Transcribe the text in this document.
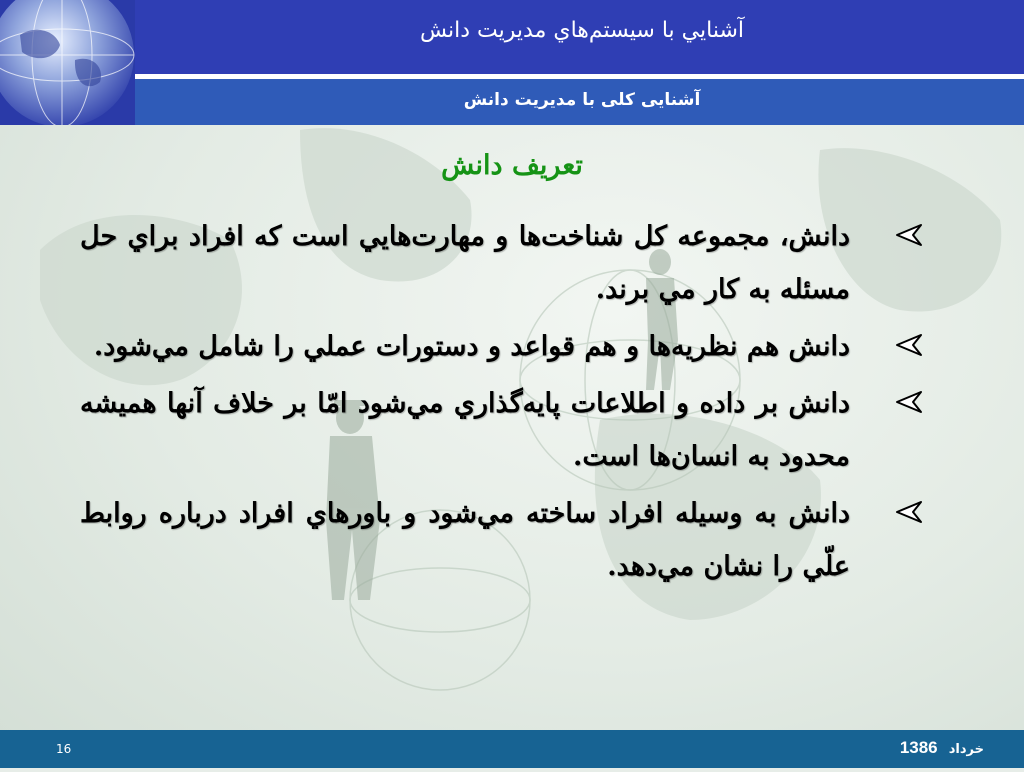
آشنايي با سيستم‌هاي مديريت دانش
آشنایی کلی با مدیریت دانش
تعریف دانش
دانش، مجموعه كل شناخت‌ها و مهارت‌هايي است كه افراد براي حل مسئله به كار مي برند.
دانش هم نظريه‌ها و هم قواعد و دستورات عملي را شامل مي‌شود.
دانش بر داده و اطلاعات پايه‌گذاري مي‌شود امّا بر خلاف آنها هميشه محدود به انسان‌ها است.
دانش به وسيله افراد ساخته مي‌شود و باورهاي افراد درباره روابط علّي را نشان مي‌دهد.
16	خرداد 1386
